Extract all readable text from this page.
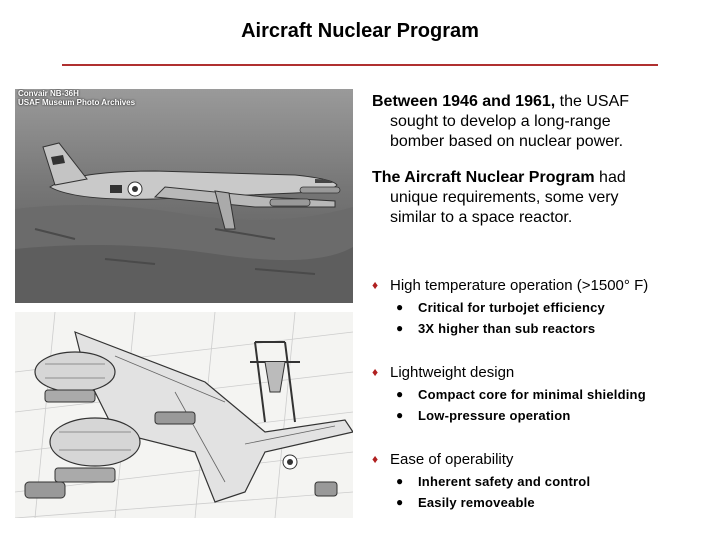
Aircraft Nuclear Program
Convair NB-36H
USAF Museum Photo Archives	Between 1946 and 1961, the USAF
sought to develop a long-range
bomber based on nuclear power.

The Aircraft Nuclear Program had
unique requirements, some very
similar to a space reactor.

♦ High temperature operation (>1500° F)
●	Critical for turbojet efficiency
●	3X higher than sub reactors
♦ Lightweight design
●	Compact core for minimal shielding
●	Low-pressure operation
♦ Ease of operability
●	Inherent safety and control
●	Easily removeable
